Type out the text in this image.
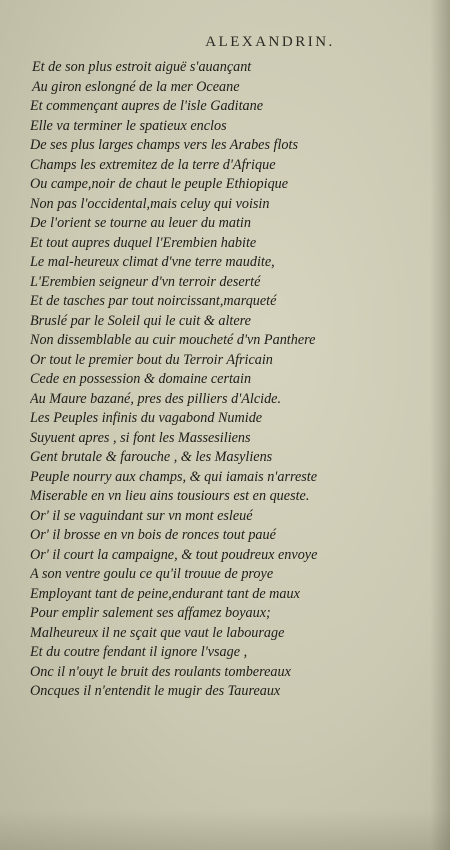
ALEXANDRIN.
Et de son plus estroit aiguë s'auançant
Au giron eslongné de la mer Oceane
Et commençant aupres de l'isle Gaditane
Elle va terminer le spatieux enclos
De ses plus larges champs vers les Arabes flots
Champs les extremitez de la terre d'Afrique
Ou campe,noir de chaut le peuple Ethiopique
Non pas l'occidental,mais celuy qui voisin
De l'orient se tourne au leuer du matin
Et tout aupres duquel l'Erembien habite
Le mal-heureux climat d'vne terre maudite,
L'Erembien seigneur d'vn terroir deserté
Et de tasches par tout noircissant,marqueté
Bruslé par le Soleil qui le cuit & altere
Non dissemblable au cuir moucheté d'vn Panthere
Or tout le premier bout du Terroir Africain
Cede en possession & domaine certain
Au Maure bazané, pres des pilliers d'Alcide.
Les Peuples infinis du vagabond Numide
Suyuent apres , si font les Massesiliens
Gent brutale & farouche , & les Masyliens
Peuple nourry aux champs, & qui iamais n'arreste
Miserable en vn lieu ains tousiours est en queste.
Or' il se vaguindant sur vn mont esleué
Or' il brosse en vn bois de ronces tout paué
Or' il court la campaigne, & tout poudreux envoye
A son ventre goulu ce qu'il trouue de proye
Employant tant de peine,endurant tant de maux
Pour emplir salement ses affamez boyaux;
Malheureux il ne sçait que vaut le labourage
Et du coutre fendant il ignore l'vsage ,
Onc il n'ouyt le bruit des roulants tombereaux
Oncques il n'entendit le mugir des Taureaux
